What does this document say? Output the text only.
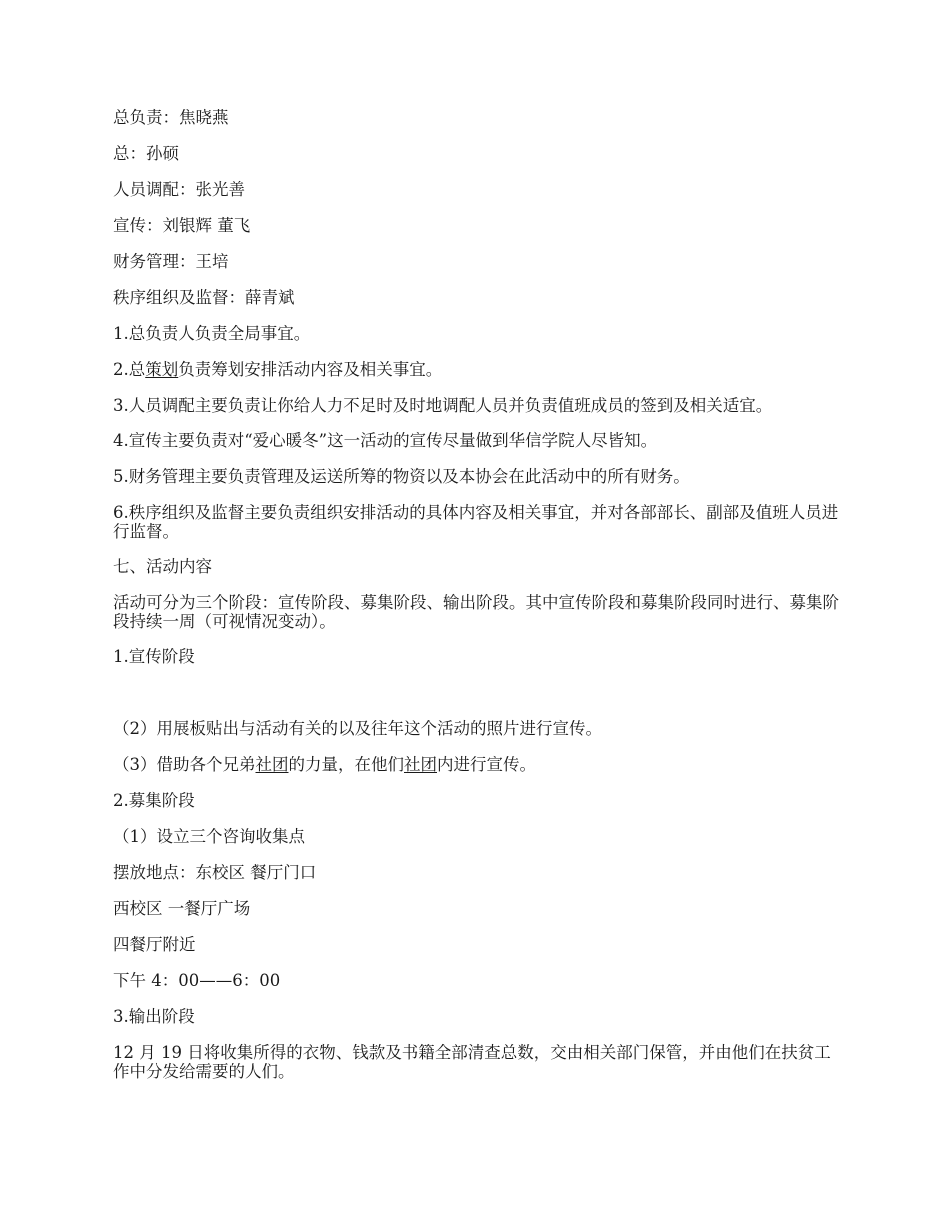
总负责：焦晓燕

总：孙硕

人员调配：张光善

宣传：刘银辉 董飞

财务管理：王培

秩序组织及监督：薛青斌

1.总负责人负责全局事宜。

2.总策划负责筹划安排活动内容及相关事宜。

3.人员调配主要负责让你给人力不足时及时地调配人员并负责值班成员的签到及相关适宜。

4.宣传主要负责对“爱心暖冬”这一活动的宣传尽量做到华信学院人尽皆知。

5.财务管理主要负责管理及运送所筹的物资以及本协会在此活动中的所有财务。

6.秩序组织及监督主要负责组织安排活动的具体内容及相关事宜，并对各部部长、副部及值班人员进行监督。

七、活动内容

活动可分为三个阶段：宣传阶段、募集阶段、输出阶段。其中宣传阶段和募集阶段同时进行、募集阶段持续一周（可视情况变动）。

1.宣传阶段

（2）用展板贴出与活动有关的以及往年这个活动的照片进行宣传。

（3）借助各个兄弟社团的力量，在他们社团内进行宣传。

2.募集阶段

（1）设立三个咨询收集点

摆放地点：东校区 餐厅门口

西校区 一餐厅广场

四餐厅附近

下午 4：00——6：00

3.输出阶段

12 月 19 日将收集所得的衣物、钱款及书籍全部清查总数，交由相关部门保管，并由他们在扶贫工作中分发给需要的人们。
